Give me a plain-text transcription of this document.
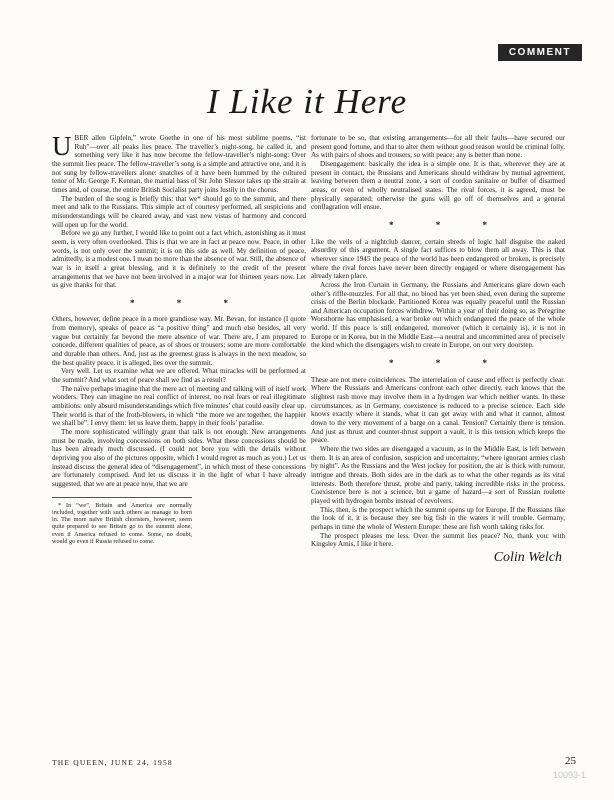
COMMENT
I Like it Here

UBER allen Gipfeln,” wrote Goethe in one of his most sublime poems, “ist Ruh”—over all peaks lies peace. The traveller’s night-song, he called it, and something very like it has now become the fellow-traveller’s night-song: Over the summit lies peace. The fellow-traveller’s song is a simple and attractive one, and it is not sung by fellow-travellers alone: snatches of it have been hummed by the cultured tenor of Mr. George F. Kennan, the martial bass of Sir John Slessor takes up the strain at times and, of course, the entire British Socialist party joins lustily in the chorus.

The burden of the song is briefly this: that we* should go to the summit, and there meet and talk to the Russians. This simple act of courtesy performed, all suspicions and misunderstandings will be cleared away, and vast new vistas of harmony and concord will open up for the world.

Before we go any further, I would like to point out a fact which, astonishing as it must seem, is very often overlooked. This is that we are in fact at peace now. Peace, in other words, is not only over the summit; it is on this side as well. My definition of peace, admittedly, is a modest one. I mean no more than the absence of war. Still, the absence of war is in itself a great blessing, and it is definitely to the credit of the present arrangements that we have not been involved in a major war for thirteen years now. Let us give thanks for that.

* * *

Others, however, define peace in a more grandiose way. Mr. Bevan, for instance (I quote from memory), speaks of peace as “a positive thing” and much else besides, all very vague but certainly far beyond the mere absence of war. There are, I am prepared to concede, different qualities of peace, as of shoes or trousers; some are more comfortable and durable than others. And, just as the greenest grass is always in the next meadow, so the best quality peace, it is alleged, lies over the summit.

Very well. Let us examine what we are offered. What miracles will be performed at the summit? And what sort of peace shall we find as a result?

The naïve perhaps imagine that the mere act of meeting and talking will of itself work wonders. They can imagine no real conflict of interest, no real fears or real illegitimate ambitions: only absurd misunderstandings which five minutes’ chat could easily clear up. Their world is that of the froth-blowers, in which “the more we are together, the happier we shall be”. I envy them: let us leave them, happy in their fools’ paradise.

The more sophisticated willingly grant that talk is not enough. New arrangements must be made, involving concessions on both sides. What these concessions should be has been already much discussed. (I could not bore you with the details without depriving you also of the pictures opposite, which I would regret as much as you.) Let us instead discuss the general idea of “disengagement”, in which most of these concessions are fortunately comprised. And let us discuss it in the light of what I have already suggested, that we are at peace now, that we are

* In “we”, Britain and America are normally included, together with such others as manage to horn in. The more naïve British choristers, however, seem quite prepared to see Britain go to the summit alone, even if America refused to come. Some, no doubt, would go even if Russia refused to come.

fortunate to be so, that existing arrangements—for all their faults—have secured our present good fortune, and that to alter them without good reason would be criminal folly. As with pairs of shoes and trousers, so with peace: any is better than none.

Disengagement: basically the idea is a simple one. It is that, wherever they are at present in contact, the Russians and Americans should withdraw by mutual agreement, leaving between them a neutral zone, a sort of cordon sanitaire or buffer of disarmed areas, or even of wholly neutralised states. The rival forces, it is agreed, must be physically separated; otherwise the guns will go off of themselves and a general conflagration will ensue.

* * *

Like the veils of a nightclub dancer, certain shreds of logic half disguise the naked absurdity of this argument. A single fact suffices to blow them all away. This is that wherever since 1945 the peace of the world has been endangered or broken, is precisely where the rival forces have never been directly engaged or where disengagement has already taken place.

Across the Iron Curtain in Germany, the Russians and Americans glare down each other’s riffle-muzzles. For all that, no blood has yet been shed, even during the supreme crisis of the Berlin blockade. Partitioned Korea was equally peaceful until the Russian and American occupation forces withdrew. Within a year of their doing so, as Peregrine Worsthorne has emphasised, a war broke out which endangered the peace of the whole world. If this peace is still endangered, moreover (which it certainly is), it is not in Europe or in Korea, but in the Middle East—a neutral and uncommitted area of precisely the kind which the disengagers wish to create in Europe, on our very doorstep.

* * *

These are not mere coincidences. The interrelation of cause and effect is perfectly clear. Where the Russians and Americans confront each other directly, each knows that the slightest rash move may involve them in a hydrogen war which neither wants. In these circumstances, as in Germany, coexistence is reduced to a precise science. Each side knows exactly where it stands, what it can get away with and what it cannot, almost down to the very movement of a barge on a canal. Tension? Certainly there is tension. And just as thrust and counter-thrust support a vault, it is this tension which keeps the peace.

Where the two sides are disengaged a vacuum, as in the Middle East, is left between them. It is an area of confusion, suspicion and uncertainty, “where ignorant armies clash by night”. As the Russians and the West jockey for position, the air is thick with rumour, intrigue and threats. Both sides are in the dark as to what the other regards as its vital interests. Both therefore thrust, probe and parry, taking incredible risks in the process. Coexistence here is not a science, but a game of hazard—a sort of Russian roulette played with hydrogen bombs instead of revolvers.

This, then, is the prospect which the summit opens up for Europe. If the Russians like the look of it, it is because they see big fish in the waters it will trouble. Germany, perhaps in time the whole of Western Europe: these are fish worth taking risks for.

The prospect pleases me less. Over the summit lies peace? No, thank you: with Kingsley Amis, I like it here.

Colin Welch
THE QUEEN, JUNE 24, 1958	25
10093-1
